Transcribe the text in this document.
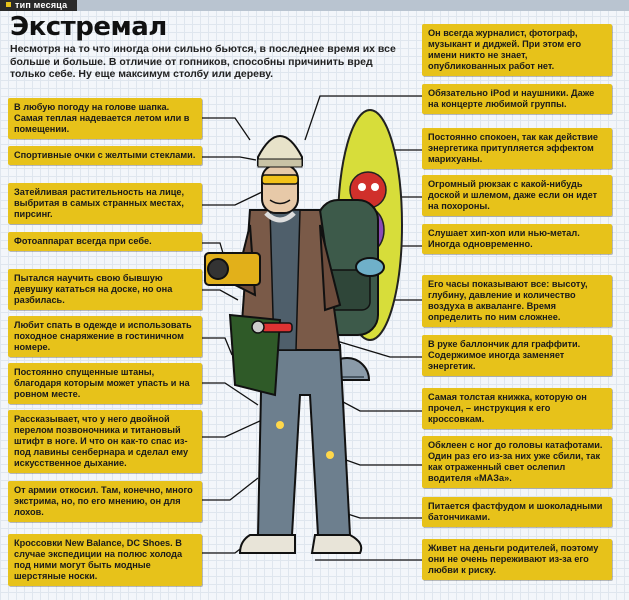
тип месяца
Экстремал
Несмотря на то что иногда они сильно бьются, в последнее время их все больше и больше. В отличие от гопников, способны причинить вред только себе. Ну еще максимум столбу или дереву.
Он всегда журналист, фотограф, музыкант и диджей. При этом его имени никто не знает, опубликованных работ нет.
В любую погоду на голове шапка. Самая теплая надевается летом или в помещении.
Спортивные очки с желтыми стеклами.
Затейливая растительность на лице, выбритая в самых странных местах, пирсинг.
Фотоаппарат всегда при себе.
Пытался научить свою бывшую девушку кататься на доске, но она разбилась.
Любит спать в одежде и использовать походное снаряжение в гостиничном номере.
Постоянно спущенные штаны, благодаря которым может упасть и на ровном месте.
Рассказывает, что у него двойной перелом позвоночника и титановый штифт в ноге. И что он как-то спас из-под лавины сенбернара и сделал ему искусственное дыхание.
От армии откосил. Там, конечно, много экстрима, но, по его мнению, он для лохов.
Кроссовки New Balance, DC Shoes. В случае экспедиции на полюс холода под ними могут быть модные шерстяные носки.
Обязательно iPod и наушники. Даже на концерте любимой группы.
Постоянно спокоен, так как действие энергетика притупляется эффектом марихуаны.
Огромный рюкзак с какой-нибудь доской и шлемом, даже если он идет на похороны.
Слушает хип-хоп или нью-метал. Иногда одновременно.
Его часы показывают все: высоту, глубину, давление и количество воздуха в акваланге. Время определить по ним сложнее.
В руке баллончик для граффити. Содержимое иногда заменяет энергетик.
Самая толстая книжка, которую он прочел, – инструкция к его кроссовкам.
Обклеен с ног до головы катафотами. Один раз его из-за них уже сбили, так как отраженный свет ослепил водителя «МАЗа».
Питается фастфудом и шоколадными батончиками.
Живет на деньги родителей, поэтому они не очень переживают из-за его любви к риску.
